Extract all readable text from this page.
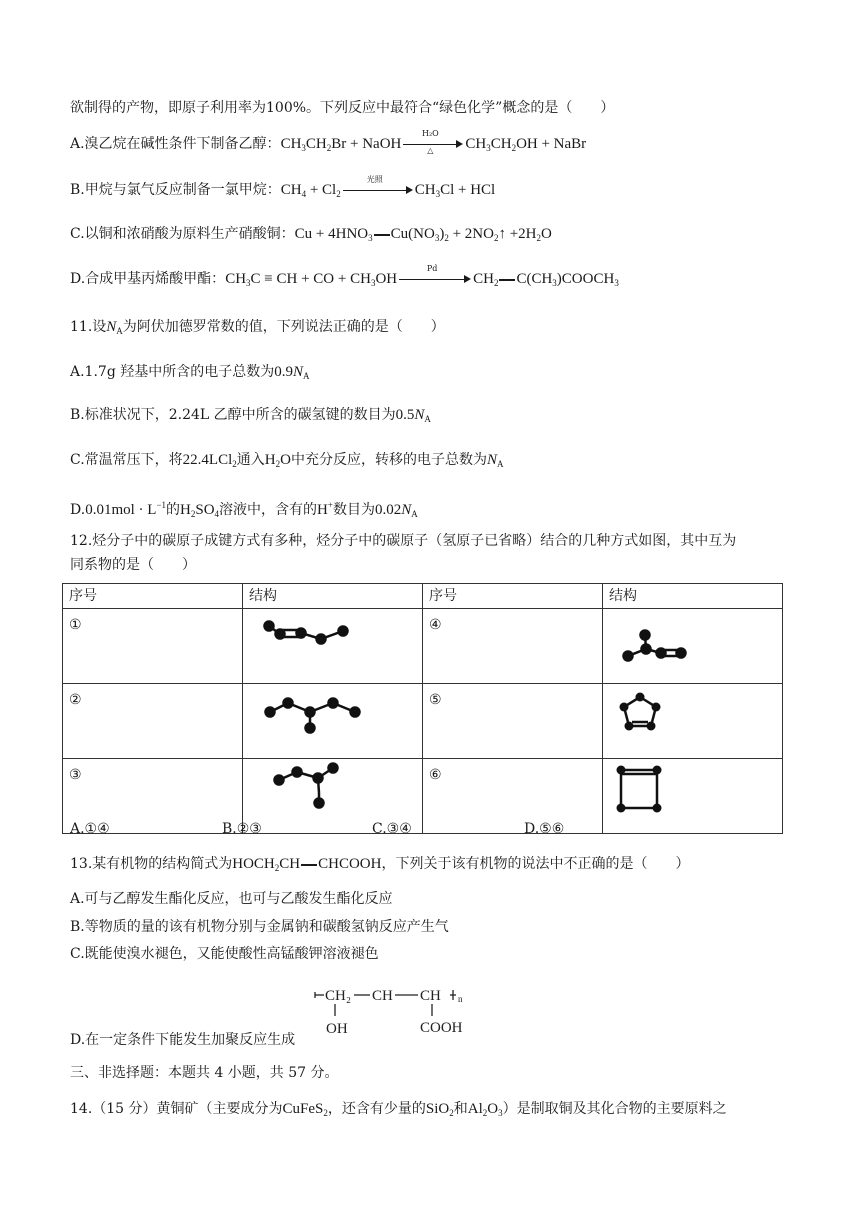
欲制得的产物，即原子利用率为100%。下列反应中最符合“绿色化学”概念的是（　　）
A.溴乙烷在碱性条件下制备乙醇：$CH_3CH_2Br$ + NaOH
H₂O
△	$CH_3CH_2OH$ + NaBr
B.甲烷与氯气反应制备一氯甲烷：$CH_4 + Cl_2$
光照
$CH_3Cl$ + HCl
C.以铜和浓硝酸为原料生产硝酸铜：$Cu + 4HNO_3$ $Cu(NO_3)_2$ + $2NO_2↑ +2H_2O$
D.合成甲基丙烯酸甲酯：$CH_3C$ ≡ CH + CO + $CH_3OH$
Pd
$CH_2$ $C(CH_3)COOCH_3$
11.设$N_A$为阿伏加德罗常数的值，下列说法正确的是（　　）
A.1.7g 羟基中所含的电子总数为$0.9N_A$
B.标准状况下，2.24L 乙醇中所含的碳氢键的数目为$0.5N_A$
C.常温常压下，将22.4LCl$_2$通入$H_2O$中充分反应，转移的电子总数为$N_A$
$D.0.01mol \cdot L^{-1}$的$H_2SO_4$溶液中，含有的H+数目为$0.02N_A$
12.烃分子中的碳原子成键方式有多种，烃分子中的碳原子（氢原子已省略）结合的几种方式如图，其中互为
同系物的是（　　）
序号	结构	序号	结构
①		④	
②		⑤	
③		⑥	
A.①④	B.②③	C.③④	D.⑤⑥
13.某有机物的结构简式为$HOCH_2CH$ CHCOOH，下列关于该有机物的说法中不正确的是（　　）
A.可与乙醇发生酯化反应，也可与乙酸发生酯化反应
B.等物质的量的该有机物分别与金属钠和碳酸氢钠反应产生气
C.既能使溴水褪色，又能使酸性高锰酸钾溶液褪色
CH₂ CH CH n
OH	COOH
D.在一定条件下能发生加聚反应生成
三、非选择题：本题共 4 小题，共 57 分。
14.（15 分）黄铜矿（主要成分为CuFeS$_2$，还含有少量的SiO$_2$和$Al_2O_3$）是制取铜及其化合物的主要原料之
